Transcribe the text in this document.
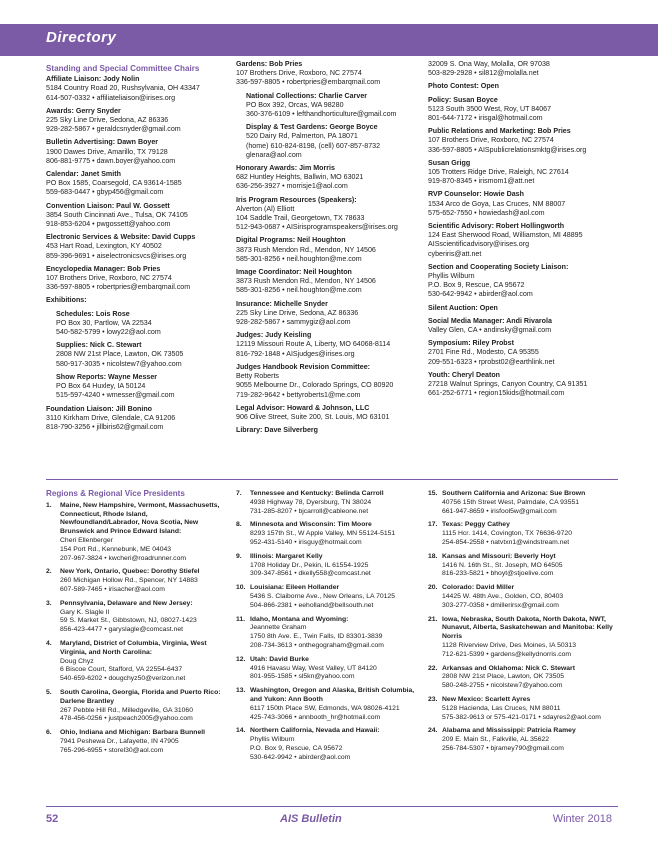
Directory
Standing and Special Committee Chairs
Affiliate Liaison: Jody Nolin
5184 Country Road 20, Rushsylvania, OH 43347
614-507-0332 • affiliateliaison@irises.org
Awards: Gerry Snyder
225 Sky Line Drive, Sedona, AZ 86336
928-282-5867 • geraldcsnyder@gmail.com
Bulletin Advertising: Dawn Boyer
1900 Dawes Drive, Amarillo, TX 79128
806-881-9775 • dawn.boyer@yahoo.com
Calendar: Janet Smith
PO Box 1585, Coarsegold, CA 93614-1585
559-683-0447 • gbyp456@gmail.com
Convention Liaison: Paul W. Gossett
3854 South Cincinnati Ave., Tulsa, OK 74105
918-853-6204 • pwgossett@yahoo.com
Electronic Services & Website: David Cupps
453 Hart Road, Lexington, KY 40502
859-396-9691 • aiselectronicsvcs@irises.org
Encyclopedia Manager: Bob Pries
107 Brothers Drive, Roxboro, NC 27574
336-597-8805 • robertpries@embarqmail.com
Exhibitions:
Schedules: Lois Rose
PO Box 30, Partlow, VA 22534
540-582-5799 • lowy22@aol.com
Supplies: Nick C. Stewart
2808 NW 21st Place, Lawton, OK 73505
580-917-3035 • nicolstew7@yahoo.com
Show Reports: Wayne Messer
PO Box 64 Huxley, IA 50124
515-597-4240 • wmesser@gmail.com
Foundation Liaison: Jill Bonino
3110 Kirkham Drive, Glendale, CA 91206
818-790-3256 • jillbiris62@gmail.com
Gardens: Bob Pries
107 Brothers Drive, Roxboro, NC 27574
336-597-8805 • robertpries@embarqmail.com
National Collections: Charlie Carver
PO Box 392, Orcas, WA 98280
360-376-6109 • lefthandhorticulture@gmail.com
Display & Test Gardens: George Boyce
520 Dairy Rd, Palmerton, PA 18071
(home) 610-824-8198, (cell) 607-857-8732
glenara@aol.com
Honorary Awards: Jim Morris
682 Huntley Heights, Ballwin, MO 63021
636-256-3927 • morrisje1@aol.com
Iris Program Resources (Speakers):
Alverton (Al) Elliott
104 Saddle Trail, Georgetown, TX 78633
512-943-0687 • AISirisprogramspeakers@irises.org
Digital Programs: Neil Houghton
3873 Rush Mendon Rd., Mendon, NY 14506
585-301-8256 • neil.houghton@me.com
Image Coordinator: Neil Houghton
3873 Rush Mendon Rd., Mendon, NY 14506
585-301-8256 • neil.houghton@me.com
Insurance: Michelle Snyder
225 Sky Line Drive, Sedona, AZ 86336
928-282-5867 • sammygiz@aol.com
Judges: Judy Keisling
12119 Missouri Route A, Liberty, MO 64068-8114
816-792-1848 • AISjudges@irises.org
Judges Handbook Revision Committee:
Betty Roberts
9055 Melbourne Dr., Colorado Springs, CO 80920
719-282-9642 • bettyroberts1@me.com
Legal Advisor: Howard & Johnson, LLC
906 Olive Street, Suite 200, St. Louis, MO 63101
Library: Dave Silverberg
32009 S. Ona Way, Molalla, OR 97038
503-829-2928 • sil812@molalla.net
Photo Contest: Open
Policy: Susan Boyce
5123 South 3500 West, Roy, UT 84067
801-644-7172 • irisgal@hotmail.com
Public Relations and Marketing: Bob Pries
107 Brothers Drive, Roxboro, NC 27574
336-597-8805 • AISpublicrelationsmktg@irises.org
Susan Grigg
105 Trotters Ridge Drive, Raleigh, NC 27614
919-870-8345 • irismom1@att.net
RVP Counselor: Howie Dash
1534 Arco de Goya, Las Cruces, NM 88007
575-652-7550 • howiedash@aol.com
Scientific Advisory: Robert Hollingworth
124 East Sherwood Road, Williamston, MI 48895
AISscientificadvisory@irises.org
cyberiris@att.net
Section and Cooperating Society Liaison:
Phyllis Wilburn
P.O. Box 9, Rescue, CA 95672
530-642-9942 • abirder@aol.com
Silent Auction: Open
Social Media Manager: Andi Rivarola
Valley Glen, CA • andinsky@gmail.com
Symposium: Riley Probst
2701 Fine Rd., Modesto, CA 95355
209-551-6323 • rprobst02@earthlink.net
Youth: Cheryl Deaton
27218 Walnut Springs, Canyon Country, CA 91351
661-252-6771 • region15kids@hotmail.com
Regions & Regional Vice Presidents
1.	Maine, New Hampshire, Vermont, Massachusetts, Connecticut, Rhode Island, Newfoundland/Labrador, Nova Scotia, New Brunswick and Prince Edward Island:
Cheri Ellenberger
154 Port Rd., Kennebunk, ME 04043
207-967-3824 • kwcheri@roadrunner.com
2.	New York, Ontario, Quebec: Dorothy Stiefel
260 Michigan Hollow Rd., Spencer, NY 14883
607-589-7465 • irisacher@aol.com
3.	Pennsylvania, Delaware and New Jersey:
Gary K. Slagle II
59 S. Market St., Gibbstown, NJ, 08027-1423
856-423-4477 • garyslagle@comcast.net
4.	Maryland, District of Columbia, Virginia, West Virginia, and North Carolina:
Doug Chyz
6 Biscoe Court, Stafford, VA 22554-6437
540-659-6202 • dougchyz50@verizon.net
5.	South Carolina, Georgia, Florida and Puerto Rico: Darlene Brantley
267 Pebble Hill Rd., Milledgeville, GA 31060
478-456-0256 • justpeach2005@yahoo.com
6.	Ohio, Indiana and Michigan: Barbara Bunnell
7941 Peshewa Dr., Lafayette, IN 47905
765-296-6955 • storel30@aol.com
7.	Tennessee and Kentucky: Belinda Carroll
4938 Highway 78, Dyersburg, TN 38024
731-285-8207 • bjcarroll@cableone.net
8.	Minnesota and Wisconsin: Tim Moore
8293 157th St., W Apple Valley, MN 55124-5151
952-431-5140 • irisguy@hotmail.com
9.	Illinois: Margaret Kelly
1708 Holiday Dr., Pekin, IL 61554-1925
309-347-8561 • dkelly558@comcast.net
10. Louisiana: Eileen Hollander
5436 S. Claiborne Ave., New Orleans, LA 70125
504-866-2381 • eeholland@bellsouth.net
11. Idaho, Montana and Wyoming:
Jeannette Graham
1750 8th Ave. E., Twin Falls, ID 83301-3839
208-734-3613 • onthegograham@gmail.com
12. Utah: David Burke
4916 Havasu Way, West Valley, UT 84120
801-955-1585 • sl5kn@yahoo.com
13. Washington, Oregon and Alaska, British Columbia, and Yukon: Ann Booth
6117 150th Place SW, Edmonds, WA 98026-4121
425-743-3066 • annbooth_hr@hotmail.com
14. Northern California, Nevada and Hawaii:
Phyllis Wilburn
P.O. Box 9, Rescue, CA 95672
530-642-9942 • abirder@aol.com
15. Southern California and Arizona: Sue Brown
40756 15th Street West, Palmdale, CA 93551
661-947-8659 • irisfool5w@gmail.com
17. Texas: Peggy Cathey
1115 Hcr. 1414, Covington, TX 76636-9720
254-854-2558 • natvtxn1@windstream.net
18. Kansas and Missouri: Beverly Hoyt
1416 N. 16th St., St. Joseph, MO 64505
816-233-5821 • bhoyt@stjoelive.com
20. Colorado: David Miller
14425 W. 48th Ave., Golden, CO, 80403
303-277-0358 • dmillerirsx@gmail.com
21. Iowa, Nebraska, South Dakota, North Dakota, NWT, Nunavut, Alberta, Saskatchewan and Manitoba: Kelly Norris
1128 Riverview Drive, Des Moines, IA 50313
712-621-5399 • gardens@kellydnorris.com
22. Arkansas and Oklahoma: Nick C. Stewart
2808 NW 21st Place, Lawton, OK 73505
580-248-2755 • nicolstew7@yahoo.com
23. New Mexico: Scarlett Ayres
5128 Hacienda, Las Cruces, NM 88011
575-382-9613 or 575-421-0171 • sdayres2@aol.com
24. Alabama and Mississippi: Patricia Ramey
209 E. Main St., Falkville, AL 35622
256-784-5307 • bjramey790@gmail.com
52	AIS Bulletin	Winter 2018
